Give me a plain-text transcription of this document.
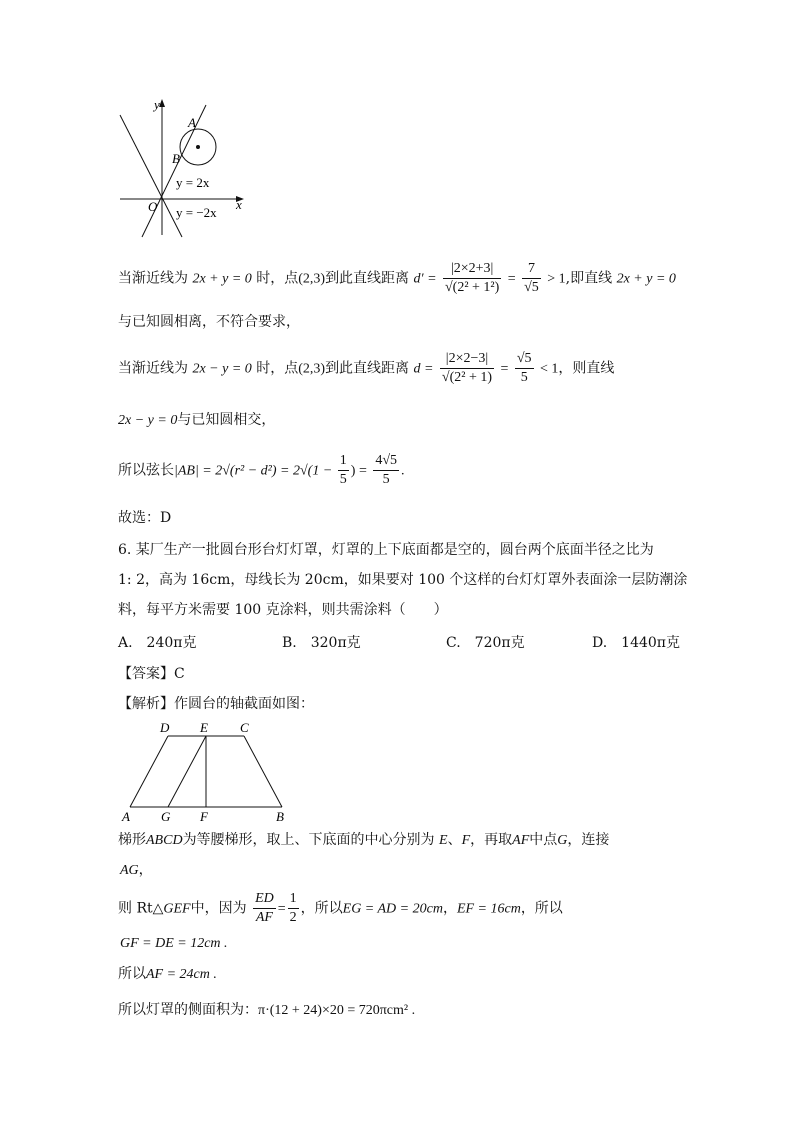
y
x
O
A
B
y = 2x
y = −2x
当渐近线为 2x + y = 0 时，点(2,3)到此直线距离 $d' = \frac{|2\times 2+3|}{\text{√(2² + 1²)}} = \frac{7}{√5} > 1$,即直线 2x + y = 0
与已知圆相离，不符合要求，
当渐近线为 2x − y = 0 时，点(2,3)到此直线距离 $d = \frac{|2\times 2-3|}{\text{√(2² + 1)}} = \frac{√5}{5} < 1$，则直线
2x − y = 0与已知圆相交，
所以弦长$|AB| = 2√(r^2 - d^2) = 2√(1 - \frac{1}{5}$ ) = $\frac{4√5}{5}$ .
故选：D
6. 某厂生产一批圆台形台灯灯罩，灯罩的上下底面都是空的，圆台两个底面半径之比为
1: 2，高为 16cm，母线长为 20cm，如果要对 100 个这样的台灯灯罩外表面涂一层防潮涂
料，每平方米需要 100 克涂料，则共需涂料（　　）
A.　240π克	B.　320π克	C.　720π克	D.　1440π克
【答案】C
【解析】作圆台的轴截面如图：
D E C
A G F	B
梯形ABCD为等腰梯形，取上、下底面的中心分别为 E、F，再取AF中点G，连接
AG，
则 Rt△GEF中，因为 $\frac{ED}{AF} = \frac{1}{2}$ ，所以EG = AD = 20cm，EF = 16cm，所以
GF = DE = 12cm .
所以AF = 24cm .
所以灯罩的侧面积为：π·(12 + 24)×20 = 720πcm² .
